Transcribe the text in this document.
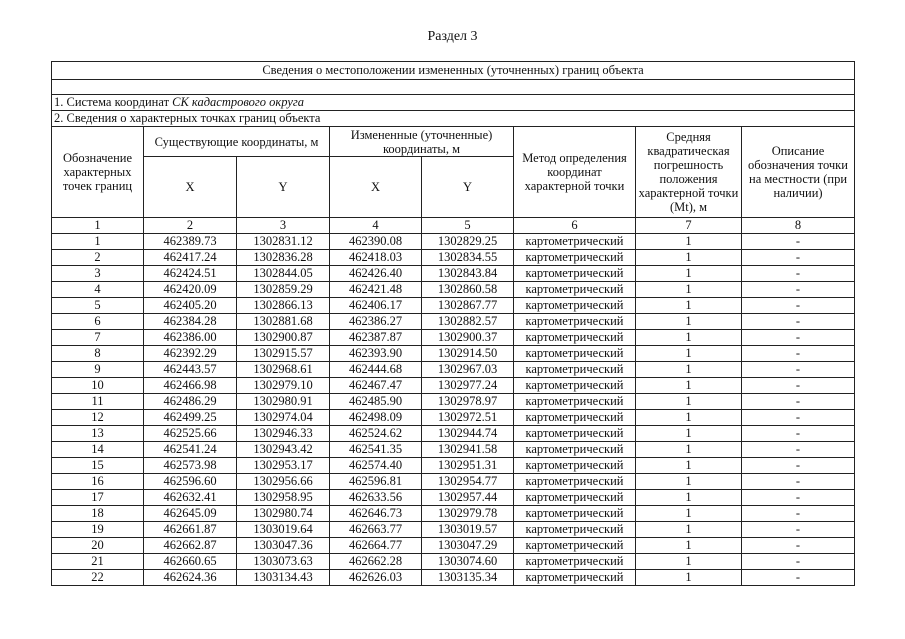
Раздел 3
Сведения о местоположении измененных (уточненных) границ объекта							

1. Система координат СК кадастрового округа							
2. Сведения о характерных точках границ объекта							
Обозначение характерных точек границ	Существующие координаты, м		Измененные (уточненные) координаты, м		Метод определения координат характерной точки	Средняя квадратическая погрешность положения характерной точки (Mt), м	Описание обозначения точки на местности (при наличии)
	X	Y	X	Y			
1	2	3	4	5	6	7	8
1	462389.73	1302831.12	462390.08	1302829.25	картометрический	1	-
2	462417.24	1302836.28	462418.03	1302834.55	картометрический	1	-
3	462424.51	1302844.05	462426.40	1302843.84	картометрический	1	-
4	462420.09	1302859.29	462421.48	1302860.58	картометрический	1	-
5	462405.20	1302866.13	462406.17	1302867.77	картометрический	1	-
6	462384.28	1302881.68	462386.27	1302882.57	картометрический	1	-
7	462386.00	1302900.87	462387.87	1302900.37	картометрический	1	-
8	462392.29	1302915.57	462393.90	1302914.50	картометрический	1	-
9	462443.57	1302968.61	462444.68	1302967.03	картометрический	1	-
10	462466.98	1302979.10	462467.47	1302977.24	картометрический	1	-
11	462486.29	1302980.91	462485.90	1302978.97	картометрический	1	-
12	462499.25	1302974.04	462498.09	1302972.51	картометрический	1	-
13	462525.66	1302946.33	462524.62	1302944.74	картометрический	1	-
14	462541.24	1302943.42	462541.35	1302941.58	картометрический	1	-
15	462573.98	1302953.17	462574.40	1302951.31	картометрический	1	-
16	462596.60	1302956.66	462596.81	1302954.77	картометрический	1	-
17	462632.41	1302958.95	462633.56	1302957.44	картометрический	1	-
18	462645.09	1302980.74	462646.73	1302979.78	картометрический	1	-
19	462661.87	1303019.64	462663.77	1303019.57	картометрический	1	-
20	462662.87	1303047.36	462664.77	1303047.29	картометрический	1	-
21	462660.65	1303073.63	462662.28	1303074.60	картометрический	1	-
22	462624.36	1303134.43	462626.03	1303135.34	картометрический	1	-
